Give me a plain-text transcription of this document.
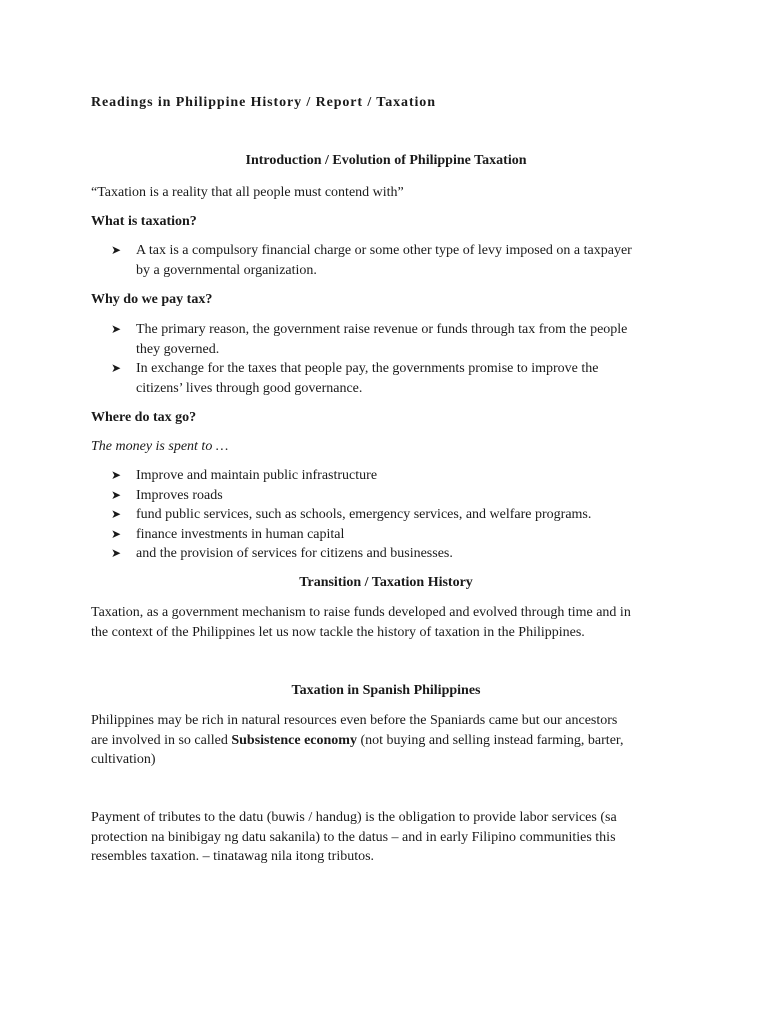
Readings in Philippine History / Report / Taxation
Introduction / Evolution of Philippine Taxation
“Taxation is a reality that all people must contend with”
What is taxation?
➤ A tax is a compulsory financial charge or some other type of levy imposed on a taxpayer
by a governmental organization.
Why do we pay tax?
➤ The primary reason, the government raise revenue or funds through tax from the people
they governed.
➤ In exchange for the taxes that people pay, the governments promise to improve the
citizens’ lives through good governance.
Where do tax go?
The money is spent to …
➤ Improve and maintain public infrastructure
➤ Improves roads
➤ fund public services, such as schools, emergency services, and welfare programs.
➤ finance investments in human capital
➤ and the provision of services for citizens and businesses.
Transition / Taxation History
Taxation, as a government mechanism to raise funds developed and evolved through time and in
the context of the Philippines let us now tackle the history of taxation in the Philippines.
Taxation in Spanish Philippines
Philippines may be rich in natural resources even before the Spaniards came but our ancestors
are involved in so called Subsistence economy (not buying and selling instead farming, barter,
cultivation)
Payment of tributes to the datu (buwis / handug) is the obligation to provide labor services (sa
protection na binibigay ng datu sakanila) to the datus – and in early Filipino communities this
resembles taxation. – tinatawag nila itong tributos.
